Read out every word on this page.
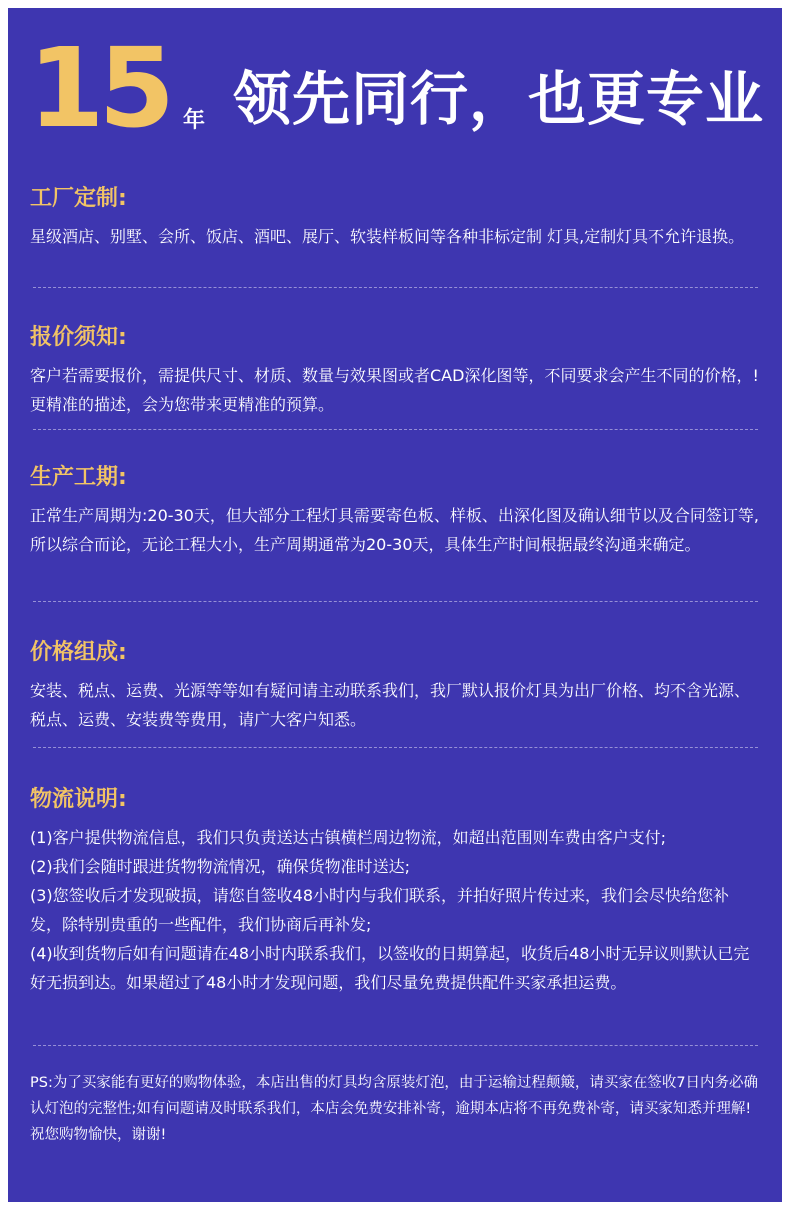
15 年 领先同行，也更专业
工厂定制:
星级酒店、别墅、会所、饭店、酒吧、展厅、软装样板间等各种非标定制 灯具,定制灯具不允许退换。
报价须知:
客户若需要报价，需提供尺寸、材质、数量与效果图或者CAD深化图等，不同要求会产生不同的价格，!更精准的描述，会为您带来更精准的预算。
生产工期:
正常生产周期为:20-30天，但大部分工程灯具需要寄色板、样板、出深化图及确认细节以及合同签订等,所以综合而论，无论工程大小，生产周期通常为20-30天，具体生产时间根据最终沟通来确定。
价格组成:
安装、税点、运费、光源等等如有疑问请主动联系我们，我厂默认报价灯具为出厂价格、均不含光源、税点、运费、安装费等费用，请广大客户知悉。
物流说明:

(1)客户提供物流信息，我们只负责送达古镇横栏周边物流，如超出范围则车费由客户支付;

(2)我们会随时跟进货物物流情况，确保货物准时送达;

(3)您签收后才发现破损，请您自签收48小时内与我们联系，并拍好照片传过来，我们会尽快给您补发，除特别贵重的一些配件，我们协商后再补发;

(4)收到货物后如有问题请在48小时内联系我们，以签收的日期算起，收货后48小时无异议则默认已完好无损到达。如果超过了48小时才发现问题，我们尽量免费提供配件买家承担运费。

PS:为了买家能有更好的购物体验，本店出售的灯具均含原装灯泡，由于运输过程颠簸，请买家在签收7日内务必确认灯泡的完整性;如有问题请及时联系我们，本店会免费安排补寄，逾期本店将不再免费补寄，请买家知悉并理解! 祝您购物愉快，谢谢!
